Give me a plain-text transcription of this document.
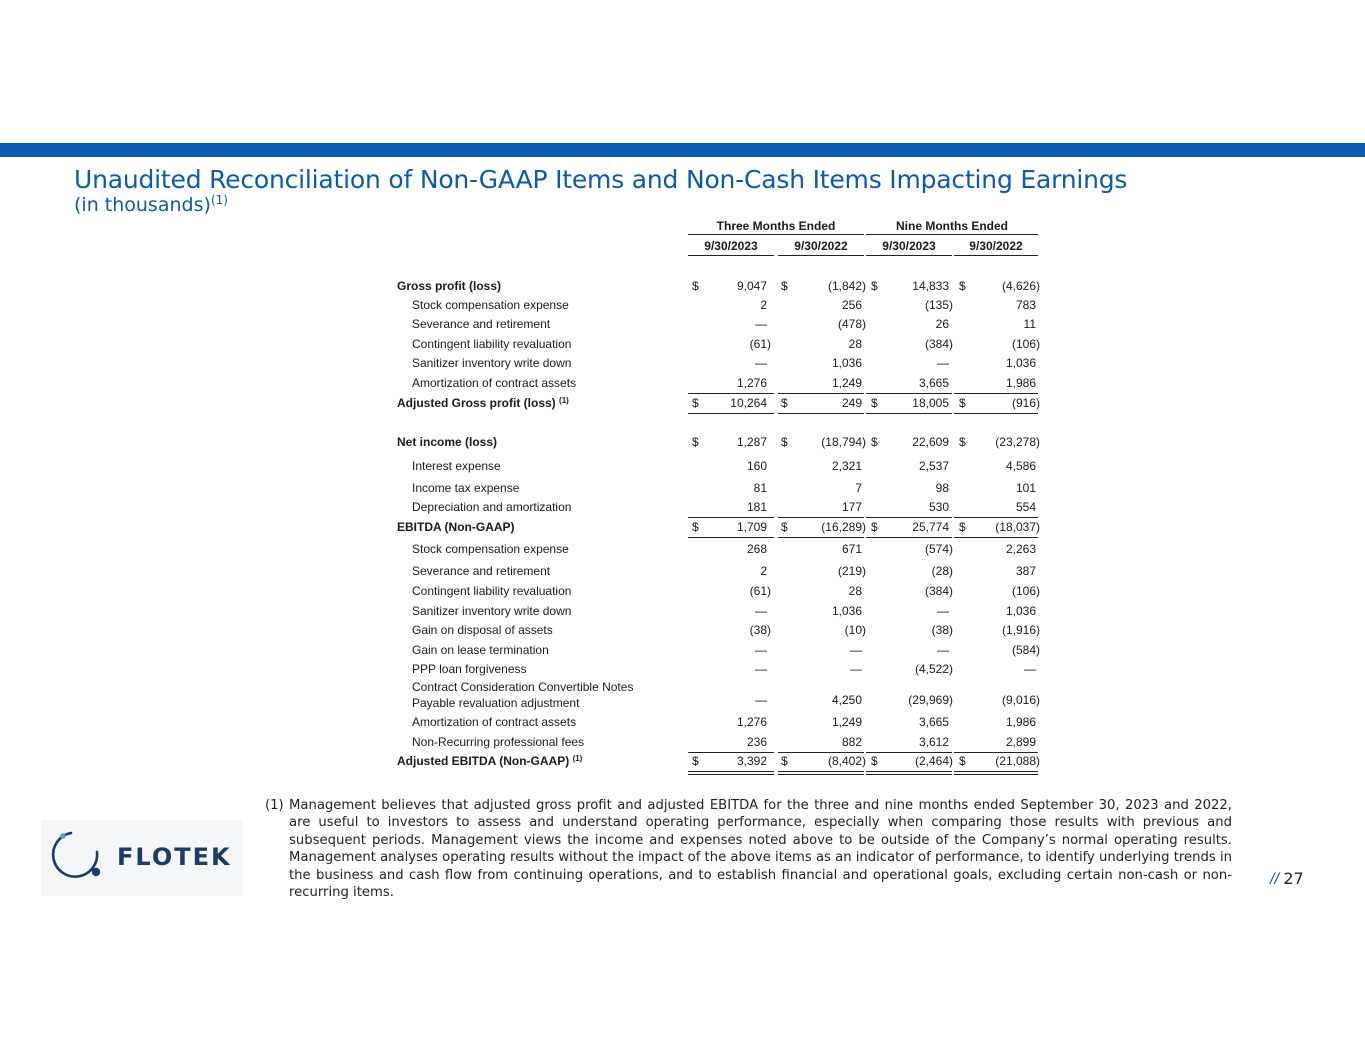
Unaudited Reconciliation of Non-GAAP Items and Non-Cash Items Impacting Earnings
(in thousands)$^{(1)}$
Three Months Ended	Nine Months Ended
9/30/2023	9/30/2022	9/30/2023	9/30/2022
Gross profit (loss)	$	9,047 $	(1,842) $	14,833 $	(4,626)
Stock compensation expense	2	256	(135)	783
Severance and retirement	—	(478)	26	11
Contingent liability revaluation	(61)	28	(384)	(106)
Sanitizer inventory write down	—	1,036	—	1,036
Amortization of contract assets	1,276	1,249	3,665	1,986
Adjusted Gross profit (loss) $^{(1)}$	$	10,264 $	249 $	18,005 $	(916)
Net income (loss)	$	1,287 $	(18,794) $	22,609 $ (23,278)
Interest expense	160	2,321	2,537	4,586
Income tax expense	81	7	98	101
Depreciation and amortization	181	177	530	554
EBITDA (Non-GAAP)	$	1,709 $	(16,289) $	25,774 $ (18,037)
Stock compensation expense	268	671	(574)	2,263
Severance and retirement	2	(219)	(28)	387
Contingent liability revaluation	(61)	28	(384)	(106)
Sanitizer inventory write down	—	1,036	—	1,036
Gain on disposal of assets	(38)	(10)	(38)	(1,916)
Gain on lease termination	—	—	—	(584)
PPP loan forgiveness	—	—	(4,522)	—
Contract Consideration Convertible Notes
Payable revaluation adjustment	—	4,250	(29,969)	(9,016)
Amortization of contract assets	1,276	1,249	3,665	1,986
Non-Recurring professional fees	236	882	3,612	2,899
Adjusted EBITDA (Non-GAAP) $^{(1)}$	$	3,392 $	(8,402) $	(2,464) $ (21,088)
(1) Management believes that adjusted gross profit and adjusted EBITDA for the three and nine months ended September 30, 2023 and 2022, are useful to investors to assess and understand operating performance, especially when comparing those results with previous and subsequent periods. Management views the income and expenses noted above to be outside of the Company’s normal operating results. Management analyses operating results without the impact of the above items as an indicator of performance, to identify underlying trends in the business and cash flow from continuing operations, and to establish financial and operational goals, excluding certain non-cash or non-recurring items.
FLOTEK
// 27
